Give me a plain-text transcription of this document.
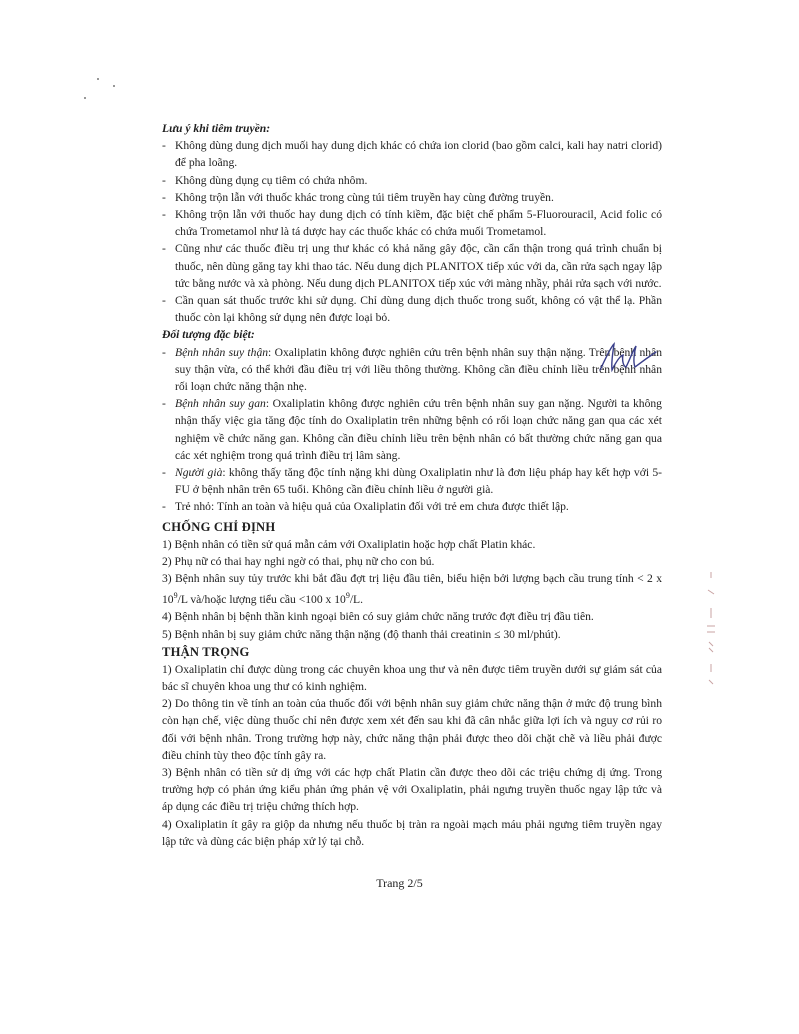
Lưu ý khi tiêm truyền:

- Không dùng dung dịch muối hay dung dịch khác có chứa ion clorid (bao gồm calci, kali hay natri clorid) để pha loãng.
- Không dùng dụng cụ tiêm có chứa nhôm.
- Không trộn lẫn với thuốc khác trong cùng túi tiêm truyền hay cùng đường truyền.
- Không trộn lẫn với thuốc hay dung dịch có tính kiềm, đặc biệt chế phẩm 5-Fluorouracil, Acid folic có chứa Trometamol như là tá dược hay các thuốc khác có chứa muối Trometamol.
- Cũng như các thuốc điều trị ung thư khác có khả năng gây độc, cần cẩn thận trong quá trình chuẩn bị thuốc, nên dùng găng tay khi thao tác. Nếu dung dịch PLANITOX tiếp xúc với da, cần rửa sạch ngay lập tức bằng nước và xà phòng. Nếu dung dịch PLANITOX tiếp xúc với màng nhầy, phải rửa sạch với nước.
- Cần quan sát thuốc trước khi sử dụng. Chỉ dùng dung dịch thuốc trong suốt, không có vật thể lạ. Phần thuốc còn lại không sử dụng nên được loại bỏ.

Đối tượng đặc biệt:

- Bệnh nhân suy thận: Oxaliplatin không được nghiên cứu trên bệnh nhân suy thận nặng. Trên bệnh nhân suy thận vừa, có thể khởi đầu điều trị với liều thông thường. Không cần điều chỉnh liều trên bệnh nhân rối loạn chức năng thận nhẹ.
- Bệnh nhân suy gan: Oxaliplatin không được nghiên cứu trên bệnh nhân suy gan nặng. Người ta không nhận thấy việc gia tăng độc tính do Oxaliplatin trên những bệnh có rối loạn chức năng gan qua các xét nghiệm về chức năng gan. Không cần điều chỉnh liều trên bệnh nhân có bất thường chức năng gan qua các xét nghiệm trong quá trình điều trị lâm sàng.
- Người già: không thấy tăng độc tính nặng khi dùng Oxaliplatin như là đơn liệu pháp hay kết hợp với 5-FU ở bệnh nhân trên 65 tuổi. Không cần điều chỉnh liều ở người già.
- Trẻ nhỏ: Tính an toàn và hiệu quả của Oxaliplatin đối với trẻ em chưa được thiết lập.

CHỐNG CHỈ ĐỊNH

1) Bệnh nhân có tiền sử quá mẫn cảm với Oxaliplatin hoặc hợp chất Platin khác.
2) Phụ nữ có thai hay nghi ngờ có thai, phụ nữ cho con bú.
3) Bệnh nhân suy tủy trước khi bắt đầu đợt trị liệu đầu tiên, biểu hiện bởi lượng bạch cầu trung tính < 2 x $10^9/L$ và/hoặc lượng tiểu cầu <100 x $10^9/L$.
4) Bệnh nhân bị bệnh thần kinh ngoại biên có suy giảm chức năng trước đợt điều trị đầu tiên.
5) Bệnh nhân bị suy giảm chức năng thận nặng (độ thanh thải creatinin ≤ 30 ml/phút).

THẬN TRỌNG

1) Oxaliplatin chỉ được dùng trong các chuyên khoa ung thư và nên được tiêm truyền dưới sự giám sát của bác sĩ chuyên khoa ung thư có kinh nghiệm.

2) Do thông tin về tính an toàn của thuốc đối với bệnh nhân suy giảm chức năng thận ở mức độ trung bình còn hạn chế, việc dùng thuốc chỉ nên được xem xét đến sau khi đã cân nhắc giữa lợi ích và nguy cơ rủi ro đối với bệnh nhân. Trong trường hợp này, chức năng thận phải được theo dõi chặt chẽ và liều phải được điều chỉnh tùy theo độc tính gây ra.

3) Bệnh nhân có tiền sử dị ứng với các hợp chất Platin cần được theo dõi các triệu chứng dị ứng. Trong trường hợp có phản ứng kiểu phản ứng phản vệ với Oxaliplatin, phải ngưng truyền thuốc ngay lập tức và áp dụng các điều trị triệu chứng thích hợp.

4) Oxaliplatin ít gây ra giộp da nhưng nếu thuốc bị tràn ra ngoài mạch máu phải ngưng tiêm truyền ngay lập tức và dùng các biện pháp xử lý tại chỗ.

Trang 2/5
